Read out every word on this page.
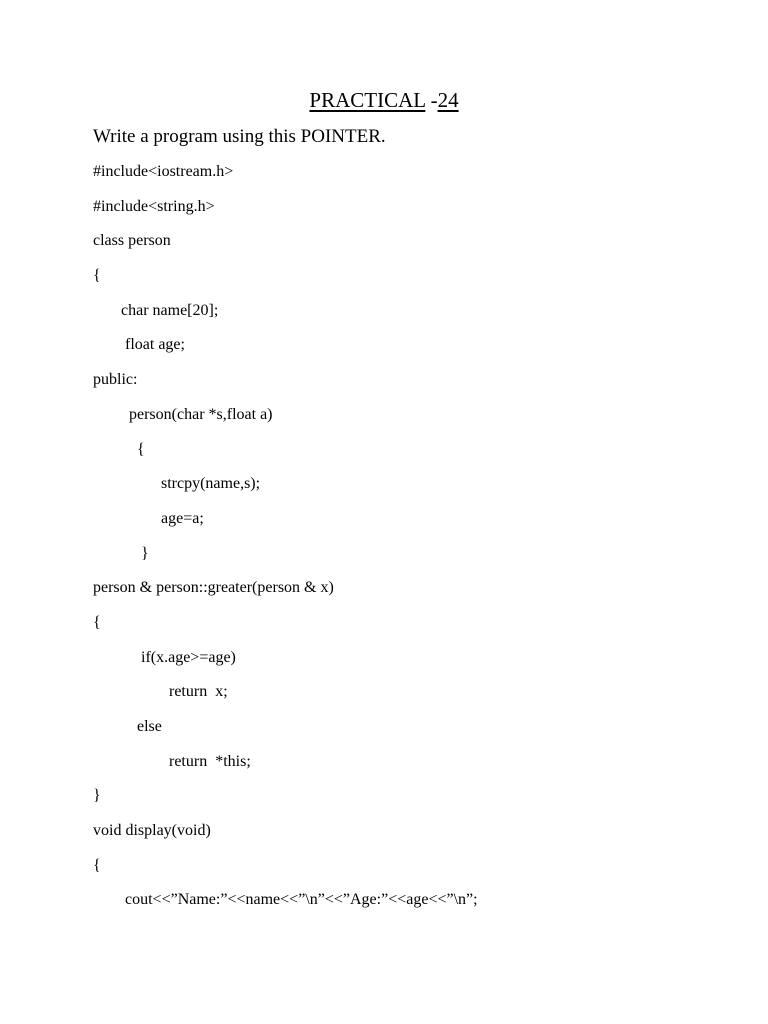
PRACTICAL -24
Write a program using this POINTER.
#include<iostream.h>
#include<string.h>
class person
{
char name[20];
float age;
public:
person(char *s,float a)
{
strcpy(name,s);
age=a;
}
person & person::greater(person & x)
{
if(x.age>=age)
return  x;
else
return  *this;
}
void display(void)
{
cout<<”Name:”<<name<<”\n”<<”Age:”<<age<<”\n”;
